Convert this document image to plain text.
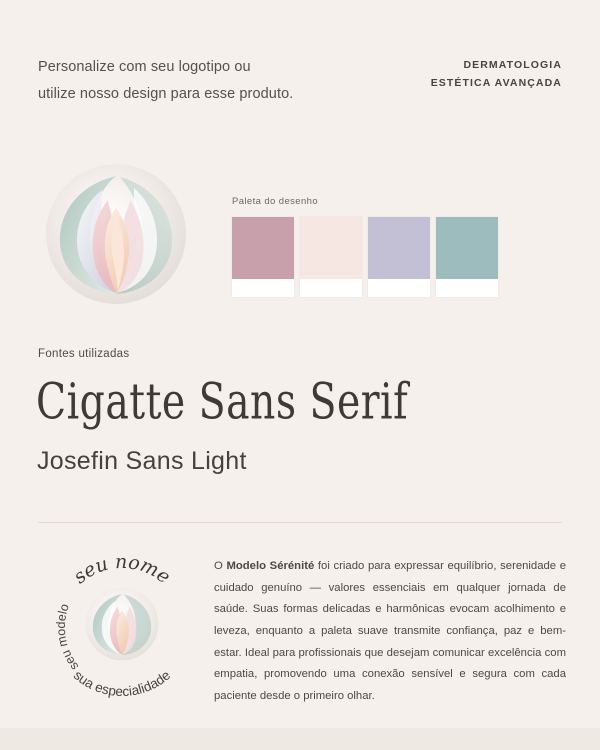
Personalize com seu logotipo ou
utilize nosso design para esse produto.
DERMATOLOGIA
ESTÉTICA AVANÇADA
Paleta do desenho
Fontes utilizadas
Cigatte Sans Serif
Josefin Sans Light
seu nome
sua especialidade
seu modelo
O Modelo Sérénité foi criado para expressar equilíbrio, serenidade e cuidado genuíno — valores essenciais em qualquer jornada de saúde. Suas formas delicadas e harmônicas evocam acolhimento e leveza, enquanto a paleta suave transmite confiança, paz e bem-estar. Ideal para profissionais que desejam comunicar excelência com empatia, promovendo uma conexão sensível e segura com cada paciente desde o primeiro olhar.
